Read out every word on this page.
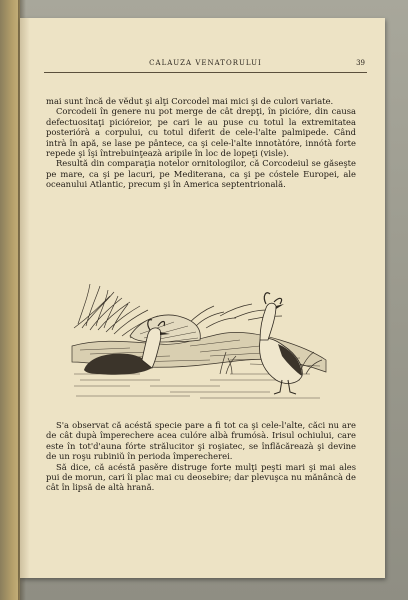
CALAUZA VENATORULUI	39

mai sunt încă de vĕdut şi alţi Corcodel mai mici şi de culori variate.

Corcodeii în genere nu pot merge de cât drepţi, în picióre, din causa defectuositaţi picióreior, pe cari le au puse cu totul la extremitatea posteriórà a corpului, cu totul diferit de cele-l'alte palmipede. Când intrà în apă, se lase pe pântece, ca şi cele-l'alte innotàtóre, innótà forte repede şi îşi întrebuinţeazà aripile în loc de lopeţi (visle).

Resultă din comparaţia notelor ornitologilor, că Corcodeiul se găseşte pe mare, ca şi pe lacuri, pe Mediterana, ca şi pe cóstele Europei, ale oceanului Atlantic, precum şi în America septentrională.

S'a observat că acéstă specie pare a fi tot ca şi cele-l'alte, căci nu are de cât dupà împerechere acea culóre albà frumósà. Irisul ochiului, care este în tot'd'auna fórte strălucitor şi roşiatec, se înflăcăreazà şi devine de un roşu rubiniŭ în perioda împerecherei.

Să dice, că acéstă pasĕre distruge forte mulţi peşti mari şi mai ales pui de morun, cari îi plac mai cu deosebire; dar plevuşca nu mănâncà de cât în lipsă de altà hrană.
